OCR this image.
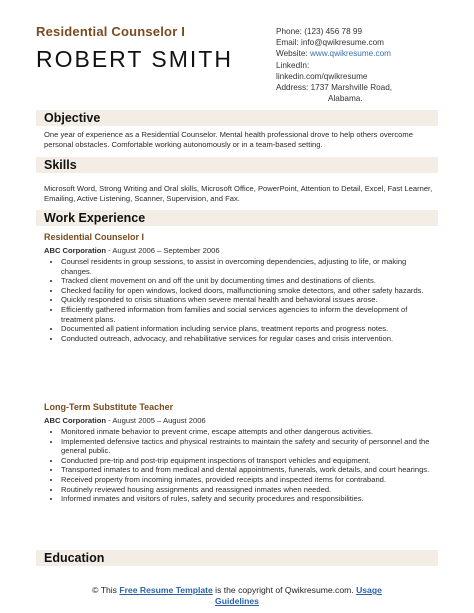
Residential Counselor I
ROBERT SMITH
Phone: (123) 456 78 99
Email: info@qwikresume.com
Website: www.qwikresume.com
LinkedIn:
linkedin.com/qwikresume
Address: 1737 Marshville Road,
Alabama.
Objective
One year of experience as a Residential Counselor. Mental health professional drove to help others overcome personal obstacles. Comfortable working autonomously or in a team-based setting.
Skills
Microsoft Word, Strong Writing and Oral skills, Microsoft Office, PowerPoint, Attention to Detail, Excel, Fast Learner, Emailing, Active Listening, Scanner, Supervision, and Fax.
Work Experience
Residential Counselor I
ABC Corporation - August 2006 – September 2006
• Counsel residents in group sessions, to assist in overcoming dependencies, adjusting to life, or making changes.
• Tracked client movement on and off the unit by documenting times and destinations of clients.
• Checked facility for open windows, locked doors, malfunctioning smoke detectors, and other safety hazards.
• Quickly responded to crisis situations when severe mental health and behavioral issues arose.
• Efficiently gathered information from families and social services agencies to inform the development of treatment plans.
• Documented all patient information including service plans, treatment reports and progress notes.
• Conducted outreach, advocacy, and rehabilitative services for regular cases and crisis intervention.
Long-Term Substitute Teacher
ABC Corporation - August 2005 – August 2006
• Monitored inmate behavior to prevent crime, escape attempts and other dangerous activities.
• Implemented defensive tactics and physical restraints to maintain the safety and security of personnel and the general public.
• Conducted pre-trip and post-trip equipment inspections of transport vehicles and equipment.
• Transported inmates to and from medical and dental appointments, funerals, work details, and court hearings.
• Received property from incoming inmates, provided receipts and inspected items for contraband.
• Routinely reviewed housing assignments and reassigned inmates when needed.
• Informed inmates and visitors of rules, safety and security procedures and responsibilities.
Education
© This Free Resume Template is the copyright of Qwikresume.com. Usage
Guidelines
